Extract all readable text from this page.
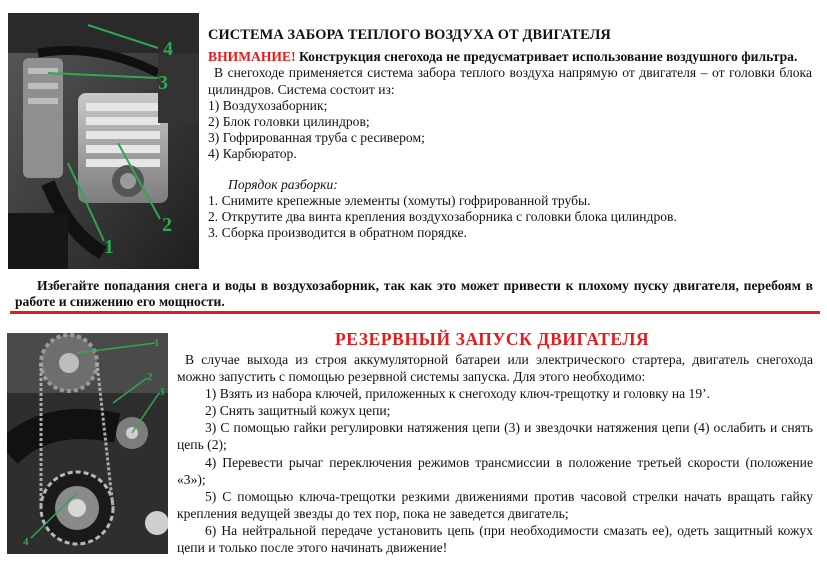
4
3
2
1
СИСТЕМА ЗАБОРА ТЕПЛОГО ВОЗДУХА ОТ ДВИГАТЕЛЯ
ВНИМАНИЕ! Конструкция снегохода не предусматривает использование воздушного фильтра.
В снегоходе применяется система забора теплого воздуха напрямую от двигателя – от головки блока цилиндров. Система состоит из:
1) Воздухозаборник;
2) Блок головки цилиндров;
3) Гофрированная труба с ресивером;
4) Карбюратор.
Порядок разборки:
1. Снимите крепежные элементы (хомуты) гофрированной трубы.
2. Открутите два винта крепления воздухозаборника с головки блока цилиндров.
3. Сборка производится в обратном порядке.
Избегайте попадания снега и воды в воздухозаборник, так как это может привести к плохому пуску двигателя, перебоям в работе и снижению его мощности.
1
2
3
4
РЕЗЕРВНЫЙ ЗАПУСК ДВИГАТЕЛЯ
В случае выхода из строя аккумуляторной батареи или электрического стартера, двигатель снегохода можно запустить с помощью резервной системы запуска. Для этого необходимо:
1) Взять из набора ключей, приложенных к снегоходу ключ-трещотку и головку на 19’.
2) Снять защитный кожух цепи;
3) С помощью гайки регулировки натяжения цепи (3) и звездочки натяжения цепи (4) ослабить и снять цепь (2);
4) Перевести рычаг переключения режимов трансмиссии в положение третьей скорости (положение «3»);
5) С помощью ключа-трещотки резкими движениями против часовой стрелки начать вращать гайку крепления ведущей звезды до тех пор, пока не заведется двигатель;
6) На нейтральной передаче установить цепь (при необходимости смазать ее), одеть защитный кожух цепи и только после этого начинать движение!
